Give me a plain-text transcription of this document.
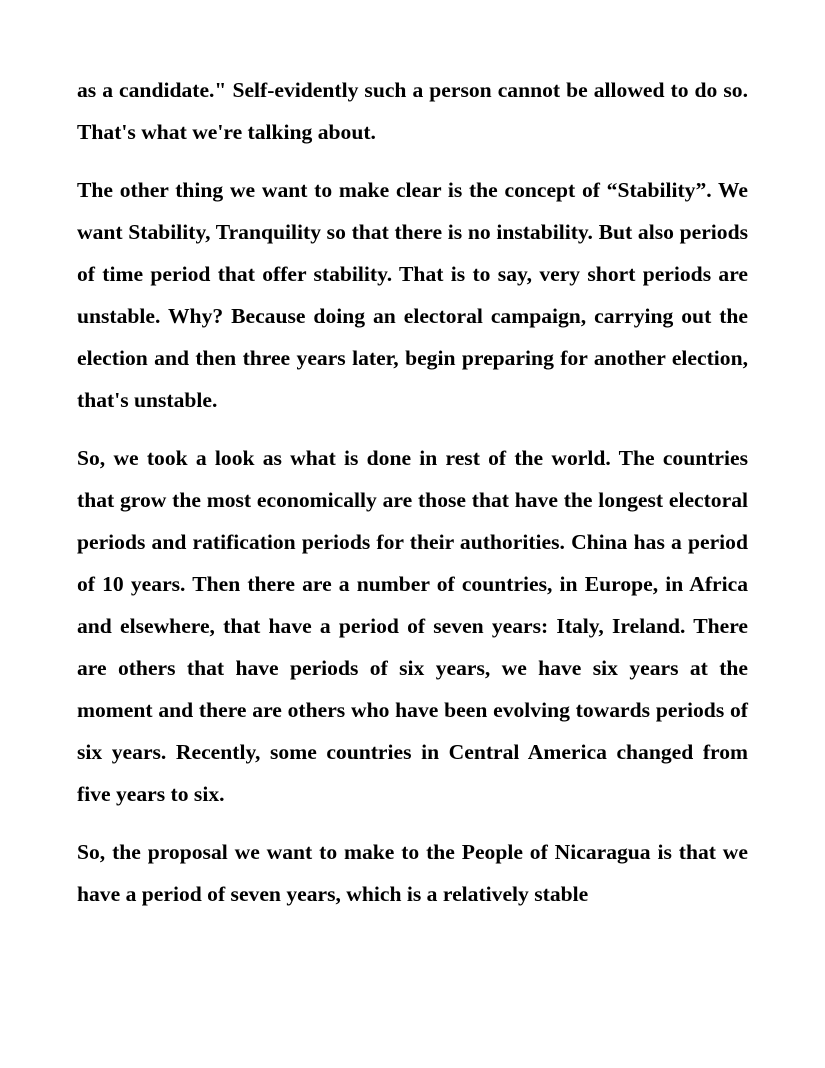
as a candidate." Self-evidently such a person cannot be allowed to do so. That's what we're talking about.

The other thing we want to make clear is the concept of “Stability”. We want Stability, Tranquility so that there is no instability. But also periods of time period that offer stability. That is to say, very short periods are unstable. Why? Because doing an electoral campaign, carrying out the election and then three years later, begin preparing for another election, that's unstable.

So, we took a look as what is done in rest of the world. The countries that grow the most economically are those that have the longest electoral periods and ratification periods for their authorities. China has a period of 10 years. Then there are a number of countries, in Europe, in Africa and elsewhere, that have a period of seven years: Italy, Ireland. There are others that have periods of six years, we have six years at the moment and there are others who have been evolving towards periods of six years. Recently, some countries in Central America changed from five years to six.

So, the proposal we want to make to the People of Nicaragua is that we have a period of seven years, which is a relatively stable
